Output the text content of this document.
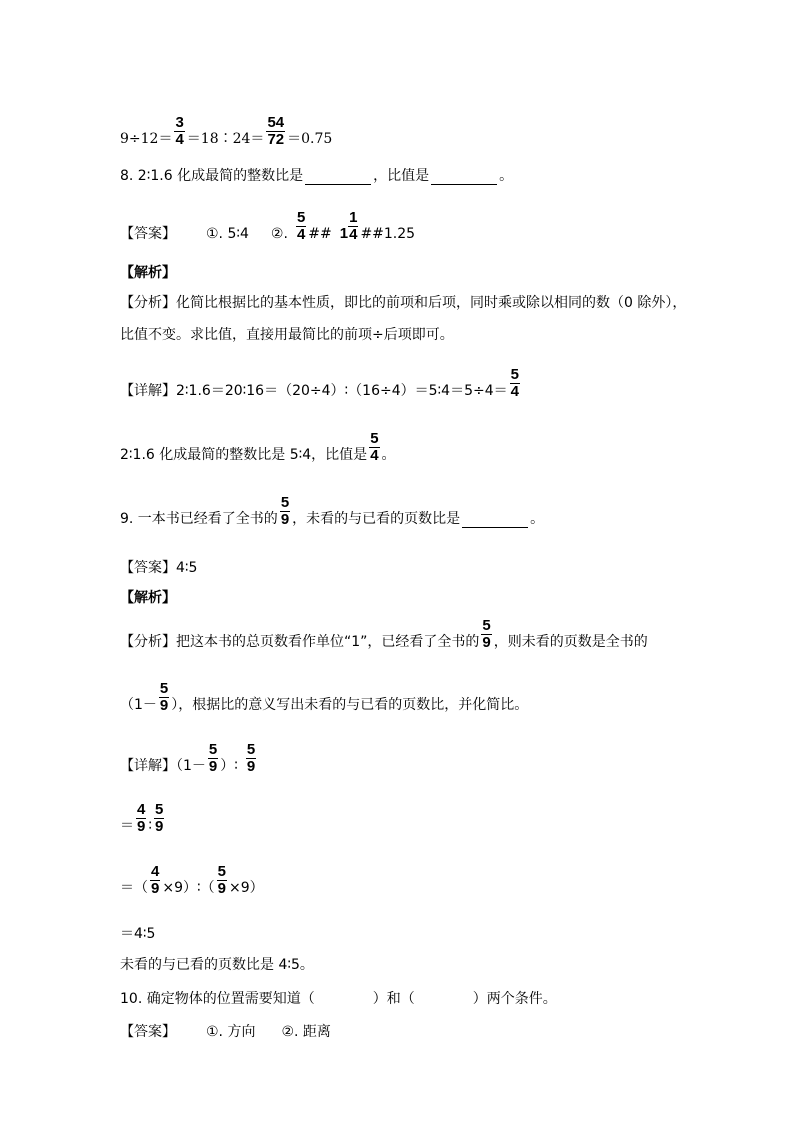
$9\div 12= \frac{3}{4}$ ＝18∶24＝ $\frac{54}{72} =0.75$
8. 2∶1.6 化成最简的整数比是	，比值是	。
【答案】 ①. 5∶4 ②. $\frac{5}{4}$ ## $1 \frac{1}{4}$ ##1.25
【解析】
【分析】化简比根据比的基本性质，即比的前项和后项，同时乘或除以相同的数（0 除外），
比值不变。求比值，直接用最简比的前项÷后项即可。
【详解】2∶1.6＝20∶16＝（20÷4）∶（16÷4）＝5∶4＝5÷4＝ $\frac{5}{4}$
2∶1.6 化成最简的整数比是 5∶4，比值是 $\frac{5}{4}$ 。
9. 一本书已经看了全书的 $\frac{5}{9}$ ，未看的与已看的页数比是	。
【答案】4∶5
【解析】
【分析】把这本书的总页数看作单位“1”，已经看了全书的 $\frac{5}{9}$ ，则未看的页数是全书的
（$1- \frac{5}{9}$ ），根据比的意义写出未看的与已看的页数比，并化简比。
【详解】（$1- \frac{5}{9}$ ）∶ $\frac{5}{9}$
＝ $\frac{4}{9}$ ∶ $\frac{5}{9}$
＝（ $\frac{4}{9}$ ×9）∶（ $\frac{5}{9} \times 9$）
＝4∶5
未看的与已看的页数比是 4∶5。
10. 确定物体的位置需要知道（	）和（	）两个条件。
【答案】 ①. 方向 ②. 距离
